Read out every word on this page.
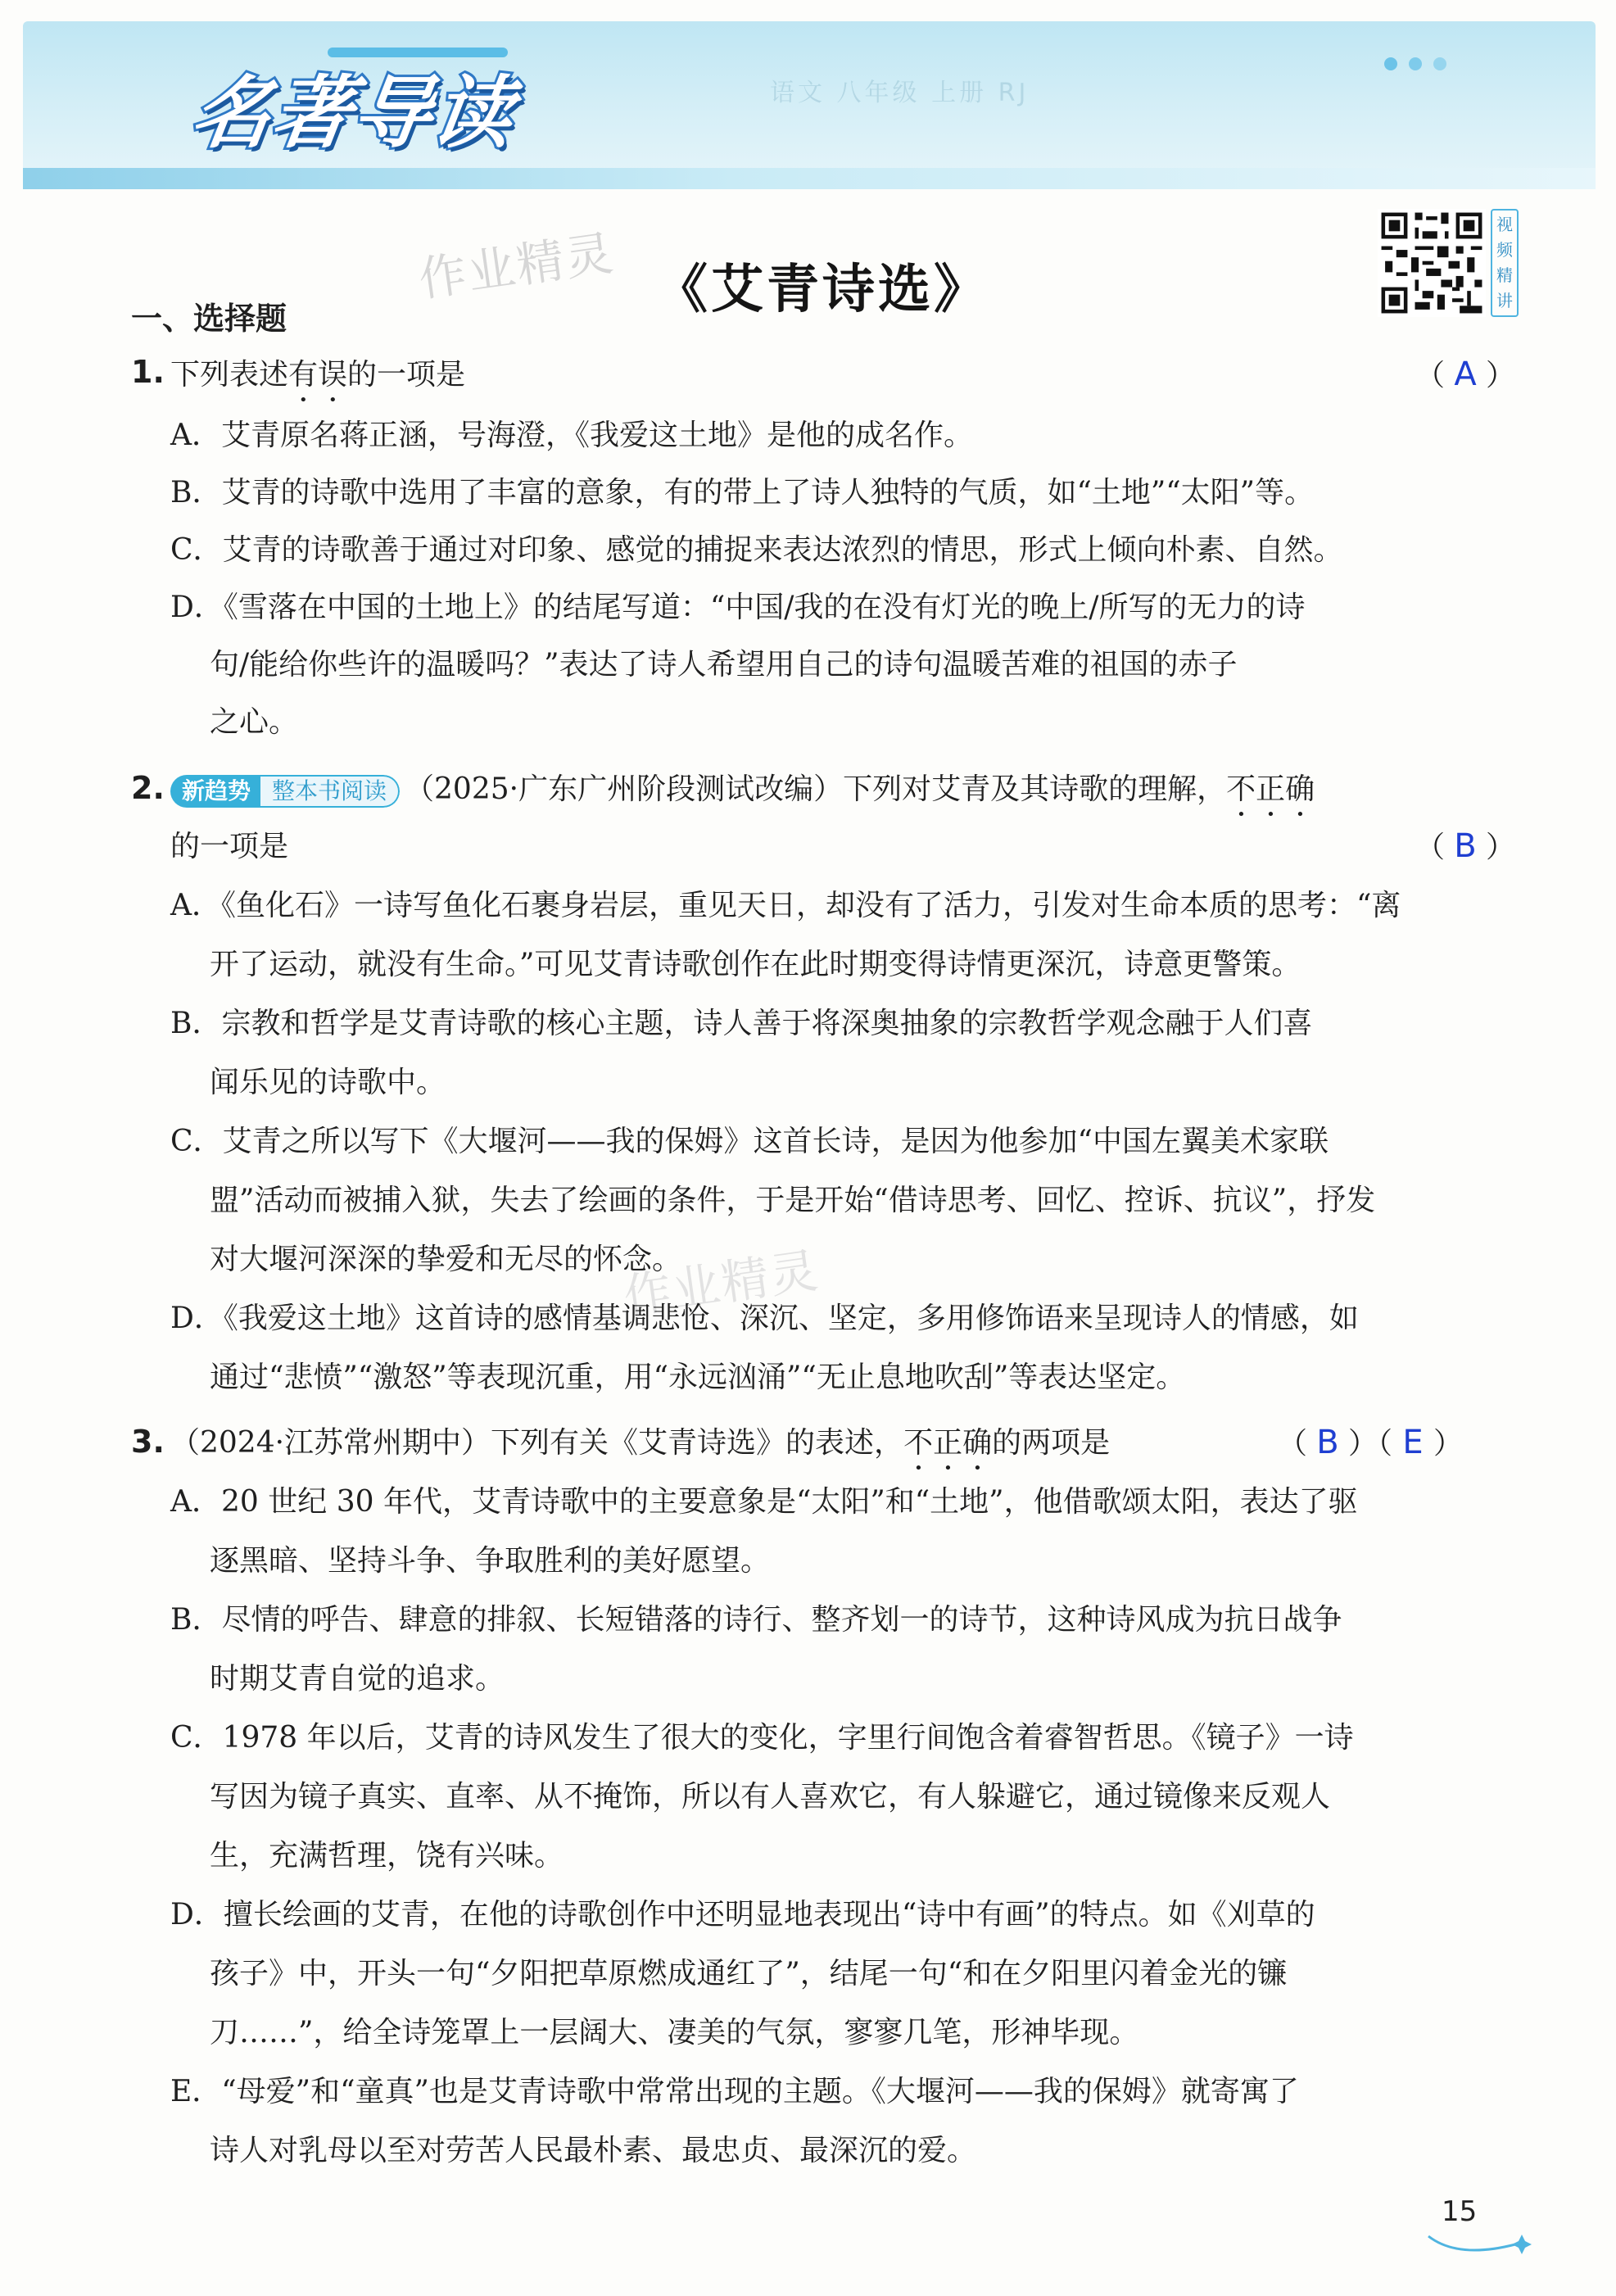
名著导读	语文 八年级 上册 RJ
视频精讲
作业精灵
作业精灵
《艾青诗选》
一、选择题
1. 下列表述有误的一项是	（ A ）
A．艾青原名蒋正涵，号海澄，《我爱这土地》是他的成名作。
B．艾青的诗歌中选用了丰富的意象，有的带上了诗人独特的气质，如“土地”“太阳”等。
C．艾青的诗歌善于通过对印象、感觉的捕捉来表达浓烈的情思，形式上倾向朴素、自然。
D．《雪落在中国的土地上》的结尾写道：“中国/我的在没有灯光的晚上/所写的无力的诗
句/能给你些许的温暖吗？”表达了诗人希望用自己的诗句温暖苦难的祖国的赤子
之心。
2. 新趋势 整本书阅读 （2025·广东广州阶段测试改编）下列对艾青及其诗歌的理解，不正确
的一项是	（ B ）
A．《鱼化石》一诗写鱼化石裹身岩层，重见天日，却没有了活力，引发对生命本质的思考：“离
开了运动，就没有生命。”可见艾青诗歌创作在此时期变得诗情更深沉，诗意更警策。
B．宗教和哲学是艾青诗歌的核心主题，诗人善于将深奥抽象的宗教哲学观念融于人们喜
闻乐见的诗歌中。
C．艾青之所以写下《大堰河——我的保姆》这首长诗，是因为他参加“中国左翼美术家联
盟”活动而被捕入狱，失去了绘画的条件，于是开始“借诗思考、回忆、控诉、抗议”，抒发
对大堰河深深的挚爱和无尽的怀念。
D．《我爱这土地》这首诗的感情基调悲怆、深沉、坚定，多用修饰语来呈现诗人的情感，如
通过“悲愤”“激怒”等表现沉重，用“永远汹涌”“无止息地吹刮”等表达坚定。
3. （2024·江苏常州期中）下列有关《艾青诗选》的表述，不正确的两项是	（ B ）（ E ）
A．20 世纪 30 年代，艾青诗歌中的主要意象是“太阳”和“土地”，他借歌颂太阳，表达了驱
逐黑暗、坚持斗争、争取胜利的美好愿望。
B．尽情的呼告、肆意的排叙、长短错落的诗行、整齐划一的诗节，这种诗风成为抗日战争
时期艾青自觉的追求。
C．1978 年以后，艾青的诗风发生了很大的变化，字里行间饱含着睿智哲思。《镜子》一诗
写因为镜子真实、直率、从不掩饰，所以有人喜欢它，有人躲避它，通过镜像来反观人
生，充满哲理，饶有兴味。
D．擅长绘画的艾青，在他的诗歌创作中还明显地表现出“诗中有画”的特点。如《刈草的
孩子》中，开头一句“夕阳把草原燃成通红了”，结尾一句“和在夕阳里闪着金光的镰
刀……”，给全诗笼罩上一层阔大、凄美的气氛，寥寥几笔，形神毕现。
E．“母爱”和“童真”也是艾青诗歌中常常出现的主题。《大堰河——我的保姆》就寄寓了
诗人对乳母以至对劳苦人民最朴素、最忠贞、最深沉的爱。
15
